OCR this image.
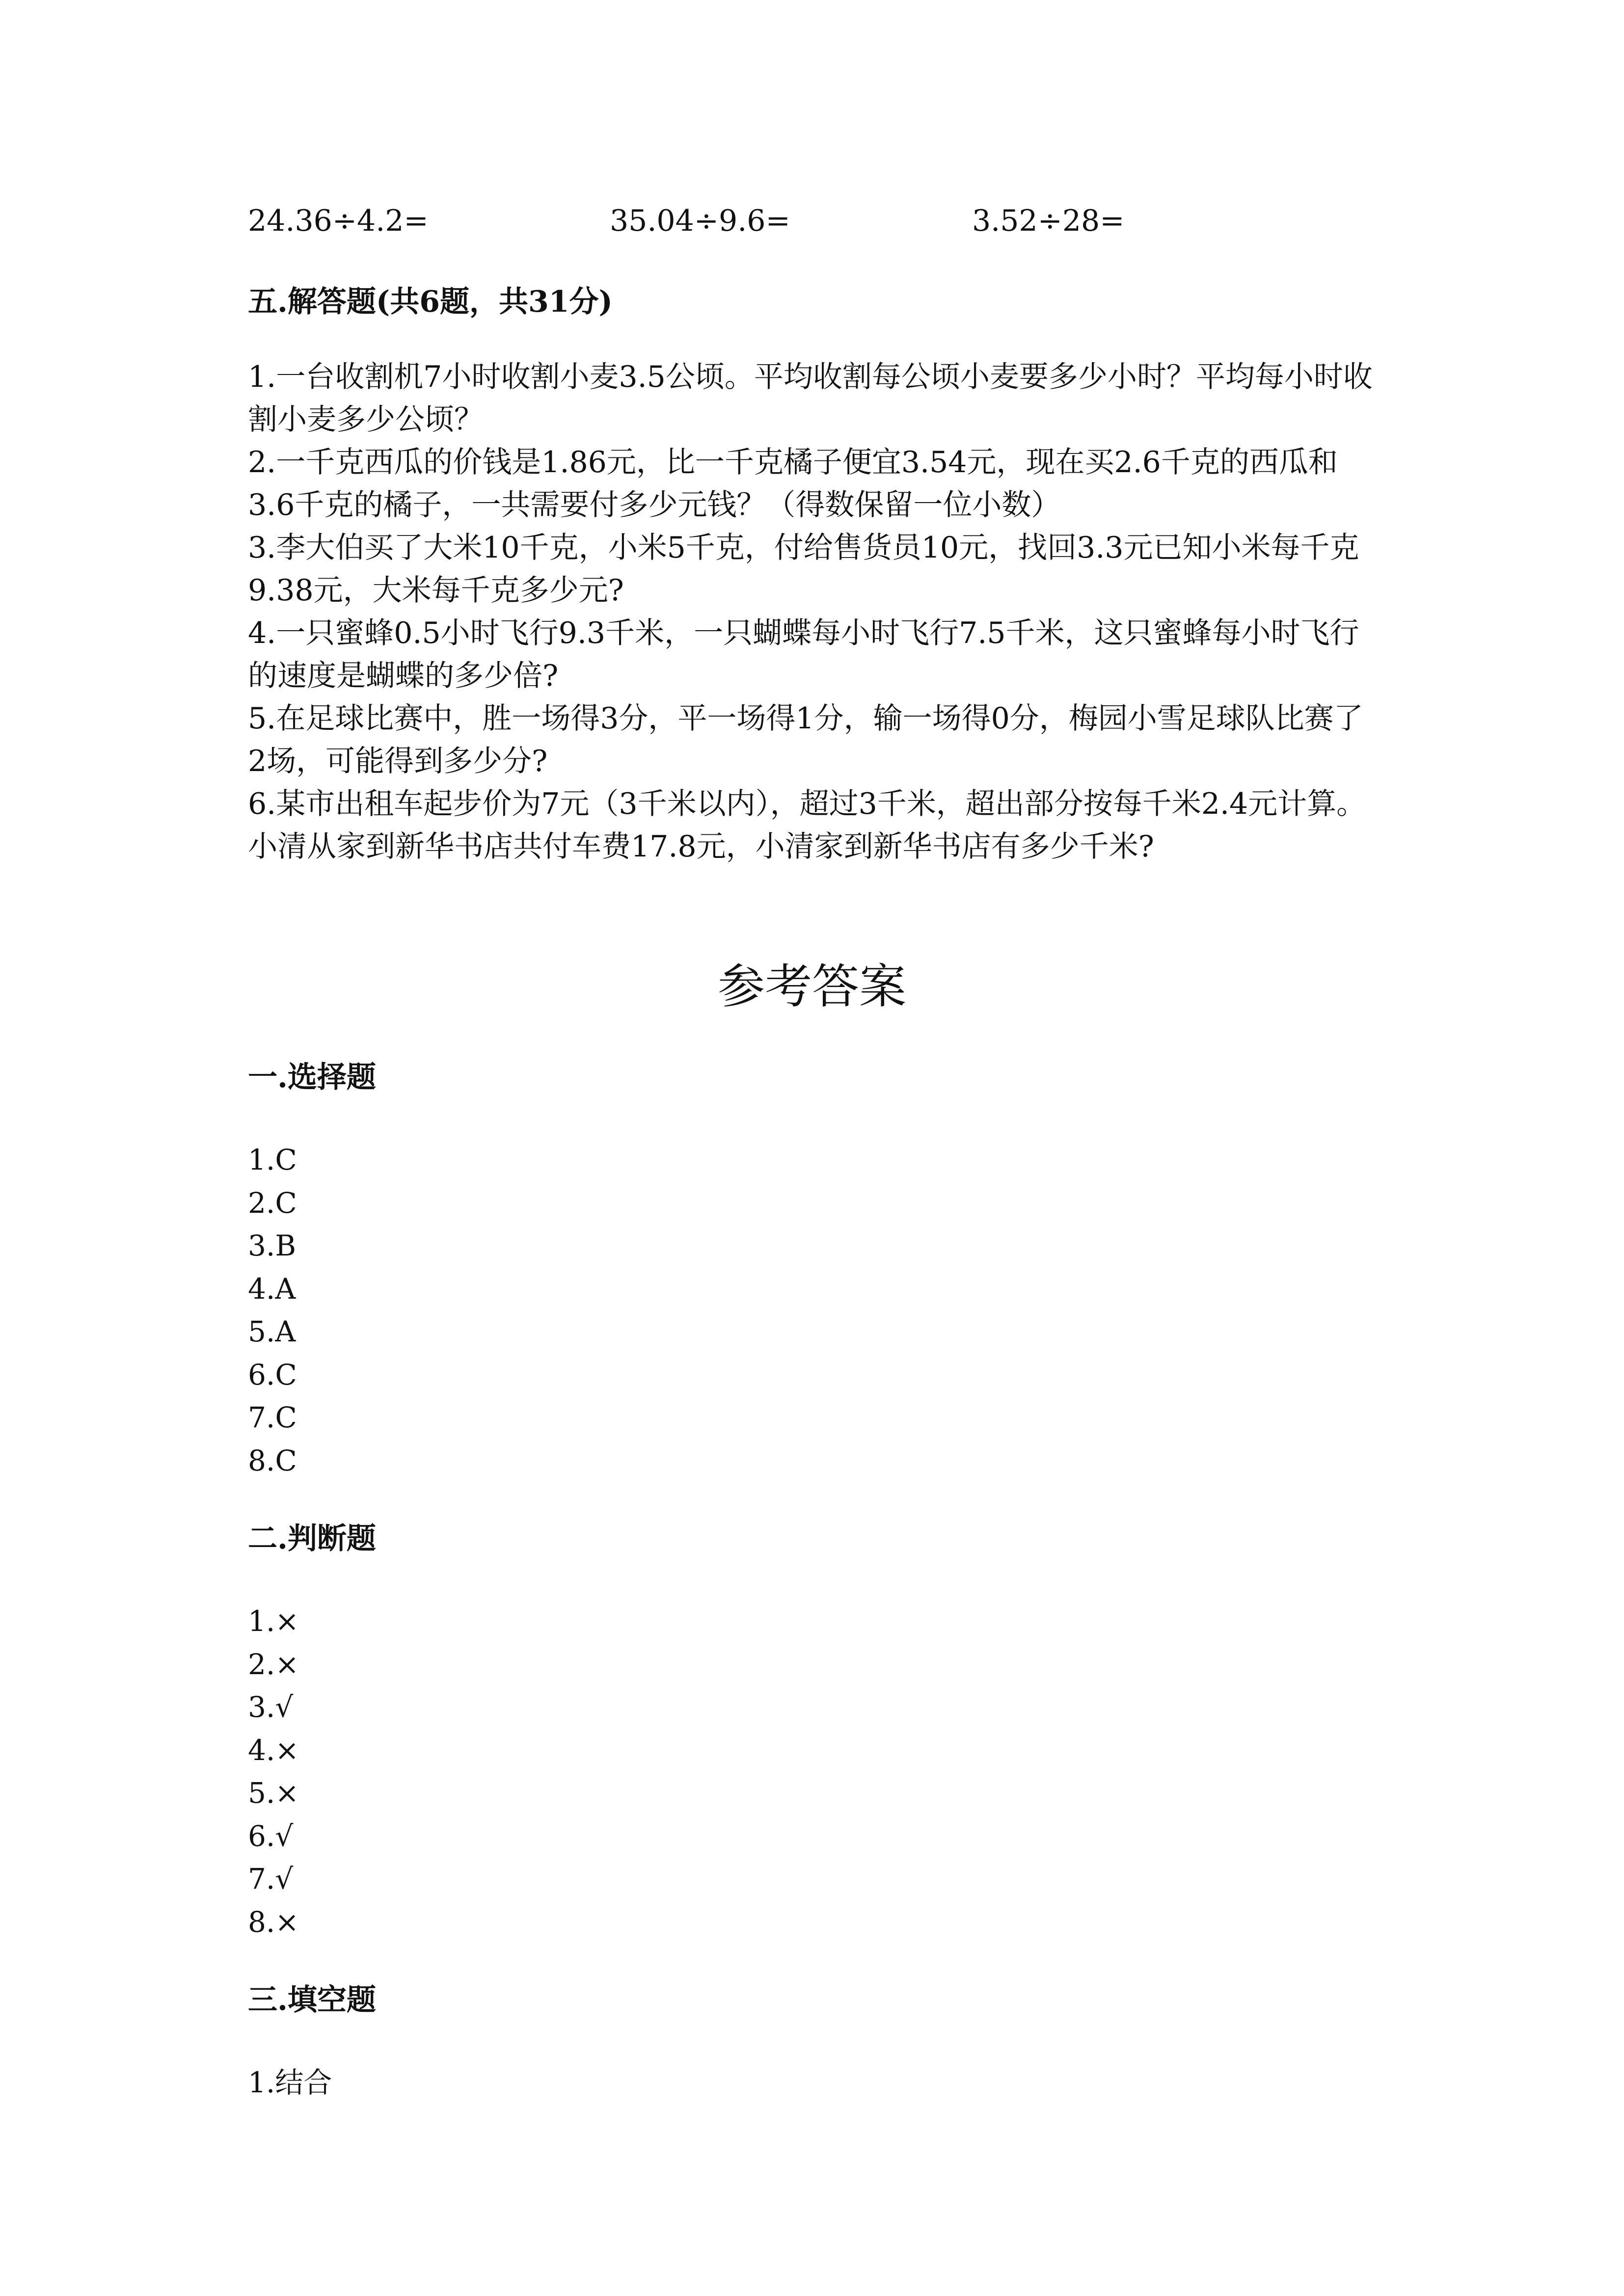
24.36÷4.2=	35.04÷9.6=	3.52÷28=
五.解答题(共6题，共31分)

1.一台收割机7小时收割小麦3.5公顷。平均收割每公顷小麦要多少小时？平均每小时收割小麦多少公顷？

2.一千克西瓜的价钱是1.86元，比一千克橘子便宜3.54元，现在买2.6千克的西瓜和3.6千克的橘子，一共需要付多少元钱？（得数保留一位小数）

3.李大伯买了大米10千克，小米5千克，付给售货员10元，找回3.3元已知小米每千克9.38元，大米每千克多少元?

4.一只蜜蜂0.5小时飞行9.3千米，一只蝴蝶每小时飞行7.5千米，这只蜜蜂每小时飞行的速度是蝴蝶的多少倍?

5.在足球比赛中，胜一场得3分，平一场得1分，输一场得0分，梅园小雪足球队比赛了2场，可能得到多少分?

6.某市出租车起步价为7元（3千米以内），超过3千米，超出部分按每千米2.4元计算。小清从家到新华书店共付车费17.8元，小清家到新华书店有多少千米?

参考答案
一.选择题
1.C
2.C
3.B
4.A
5.A
6.C
7.C
8.C
二.判断题
1.×
2.×
3.√
4.×
5.×
6.√
7.√
8.×
三.填空题
1.结合
